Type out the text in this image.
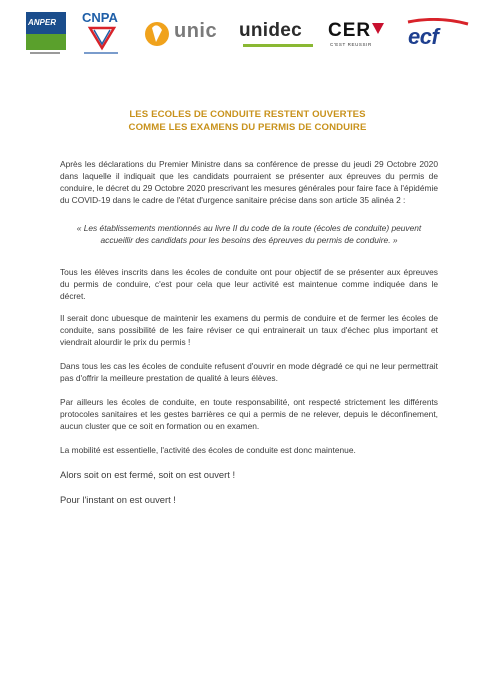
ANPER CNPA
unic unidec CER
C'EST REUSSIR ecf
LES ECOLES DE CONDUITE RESTENT OUVERTES
COMME LES EXAMENS DU PERMIS DE CONDUIRE
Après les déclarations du Premier Ministre dans sa conférence de presse du jeudi 29 Octobre 2020 dans laquelle il indiquait que les candidats pourraient se présenter aux épreuves du permis de conduire, le décret du 29 Octobre 2020 prescrivant les mesures générales pour faire face à l'épidémie du COVID-19 dans le cadre de l'état d'urgence sanitaire précise dans son article 35 alinéa 2 :
« Les établissements mentionnés au livre II du code de la route (écoles de conduite) peuvent accueillir des candidats pour les besoins des épreuves du permis de conduire. »
Tous les élèves inscrits dans les écoles de conduite ont pour objectif de se présenter aux épreuves du permis de conduire, c'est pour cela que leur activité est maintenue comme indiquée dans le décret.
Il serait donc ubuesque de maintenir les examens du permis de conduire et de fermer les écoles de conduite, sans possibilité de les faire réviser ce qui entrainerait un taux d'échec plus important et viendrait alourdir le prix du permis !
Dans tous les cas les écoles de conduite refusent d'ouvrir en mode dégradé ce qui ne leur permettrait pas d'offrir la meilleure prestation de qualité à leurs élèves.
Par ailleurs les écoles de conduite, en toute responsabilité, ont respecté strictement les différents protocoles sanitaires et les gestes barrières ce qui a permis de ne relever, depuis le déconfinement, aucun cluster que ce soit en formation ou en examen.
La mobilité est essentielle, l'activité des écoles de conduite est donc maintenue.
Alors soit on est fermé, soit on est ouvert !
Pour l'instant on est ouvert !
